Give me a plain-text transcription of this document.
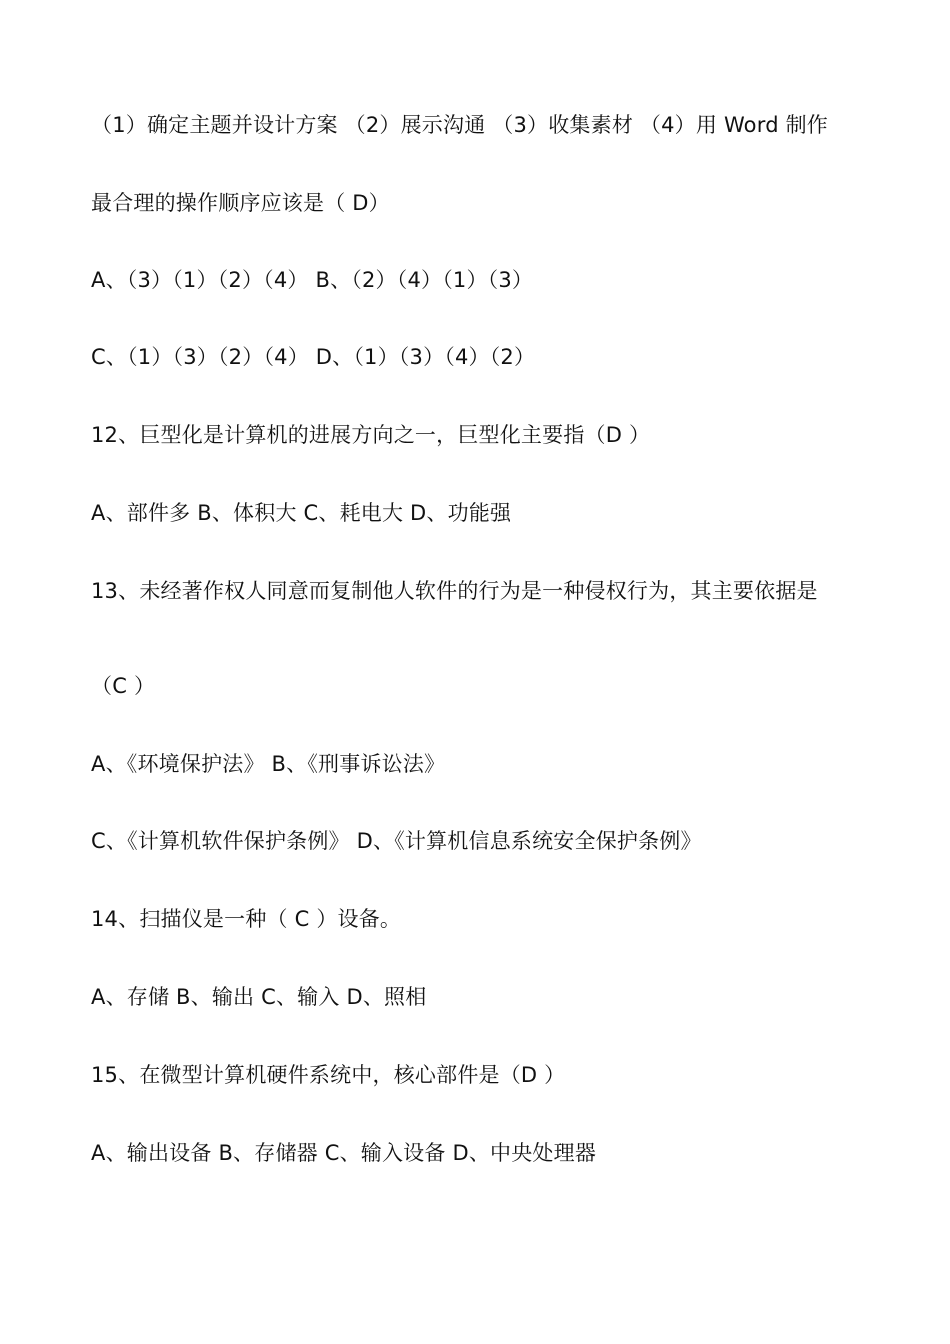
（1）确定主题并设计方案 （2）展示沟通 （3）收集素材 （4）用 Word 制作
最合理的操作顺序应该是（ D）
A、（3）（1）（2）（4） B、（2）（4）（1）（3）
C、（1）（3）（2）（4） D、（1）（3）（4）（2）
12、巨型化是计算机的进展方向之一，巨型化主要指（D ）
A、部件多 B、体积大 C、耗电大 D、功能强
13、未经著作权人同意而复制他人软件的行为是一种侵权行为，其主要依据是
（C ）
A、《环境保护法》 B、《刑事诉讼法》
C、《计算机软件保护条例》 D、《计算机信息系统安全保护条例》
14、扫描仪是一种（ C ）设备。
A、存储 B、输出 C、输入 D、照相
15、在微型计算机硬件系统中，核心部件是（D ）
A、输出设备 B、存储器 C、输入设备 D、中央处理器
